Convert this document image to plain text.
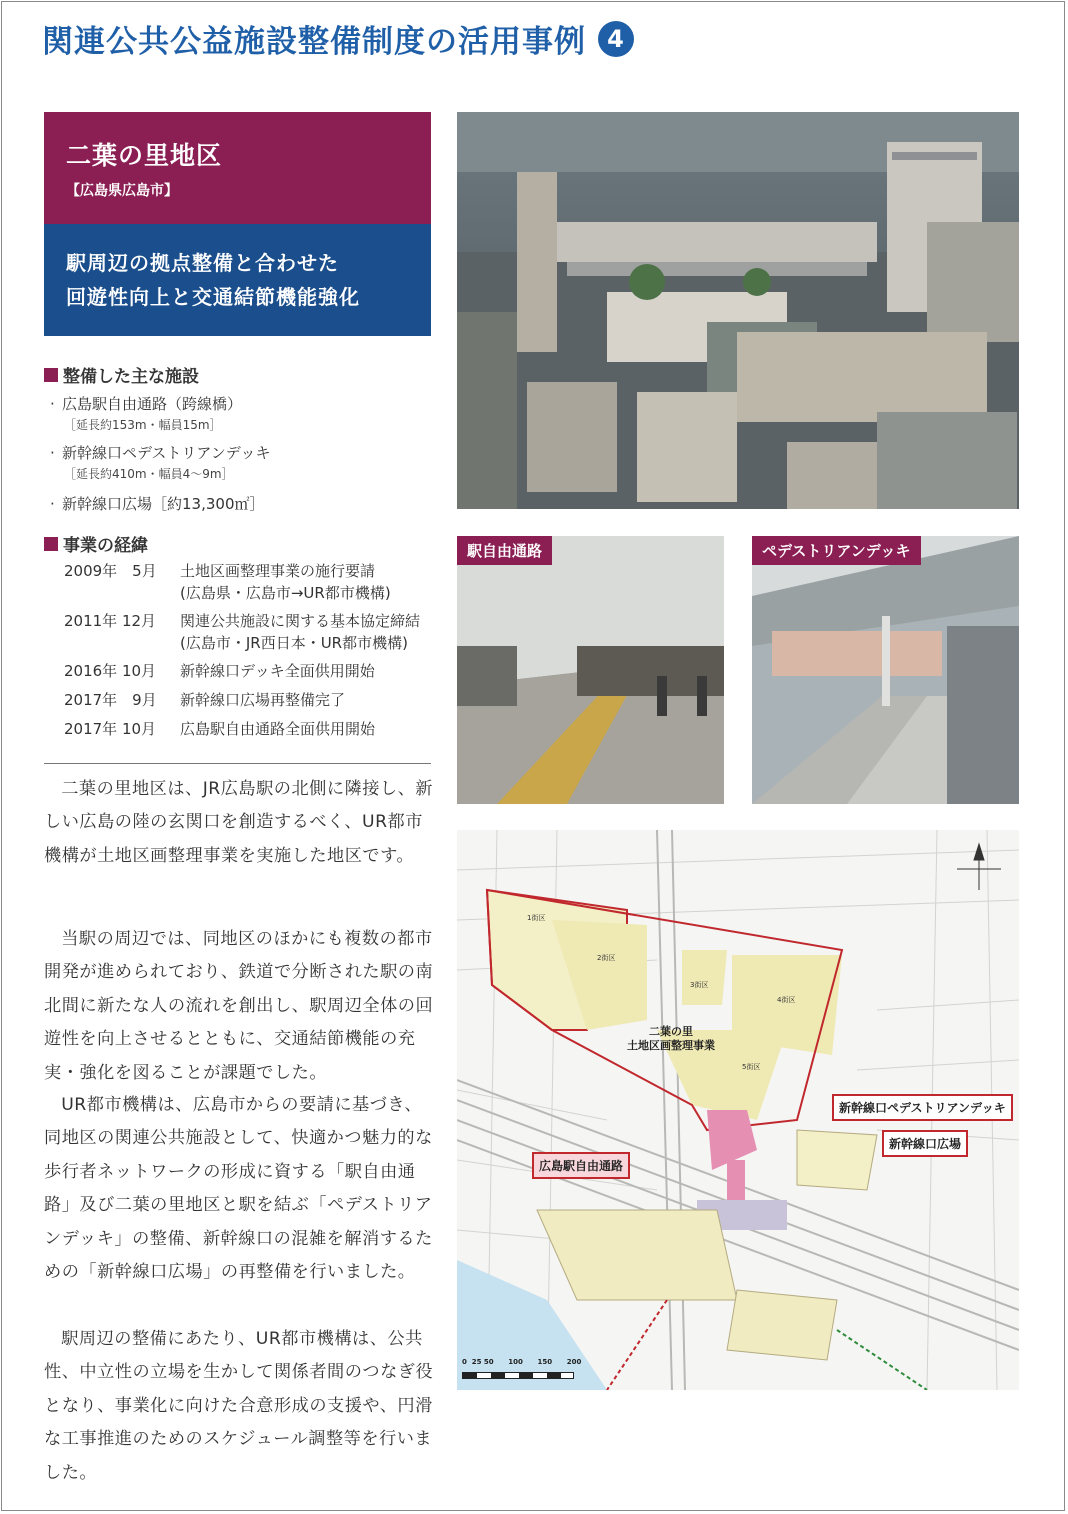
関連公共公益施設整備制度の活用事例 4
二葉の里地区
【広島県広島市】
駅周辺の拠点整備と合わせた
回遊性向上と交通結節機能強化
整備した主な施設
· 広島駅自由通路（跨線橋）
［延長約153m・幅員15m］
· 新幹線口ペデストリアンデッキ
［延長約410m・幅員4〜9m］
· 新幹線口広場［約13,300㎡］
事業の経緯
2009年　5月 土地区画整理事業の施行要請
(広島県・広島市→UR都市機構)
2011年 12月 関連公共施設に関する基本協定締結
(広島市・JR西日本・UR都市機構)
2016年 10月 新幹線口デッキ全面供用開始
2017年　9月 新幹線口広場再整備完了
2017年 10月 広島駅自由通路全面供用開始

二葉の里地区は、JR広島駅の北側に隣接し、新しい広島の陸の玄関口を創造するべく、UR都市機構が土地区画整理事業を実施した地区です。

当駅の周辺では、同地区のほかにも複数の都市開発が進められており、鉄道で分断された駅の南北間に新たな人の流れを創出し、駅周辺全体の回遊性を向上させるとともに、交通結節機能の充実・強化を図ることが課題でした。

UR都市機構は、広島市からの要請に基づき、同地区の関連公共施設として、快適かつ魅力的な歩行者ネットワークの形成に資する「駅自由通路」及び二葉の里地区と駅を結ぶ「ペデストリアンデッキ」の整備、新幹線口の混雑を解消するための「新幹線口広場」の再整備を行いました。

駅周辺の整備にあたり、UR都市機構は、公共性、中立性の立場を生かして関係者間のつなぎ役となり、事業化に向けた合意形成の支援や、円滑な工事推進のためのスケジュール調整等を行いました。

駅自由通路	ペデストリアンデッキ
1街区
2街区
3街区
4街区
5街区
二葉の里
土地区画整理事業
新幹線口ペデストリアンデッキ
新幹線口広場
広島駅自由通路
0  25 50      100      150      200
